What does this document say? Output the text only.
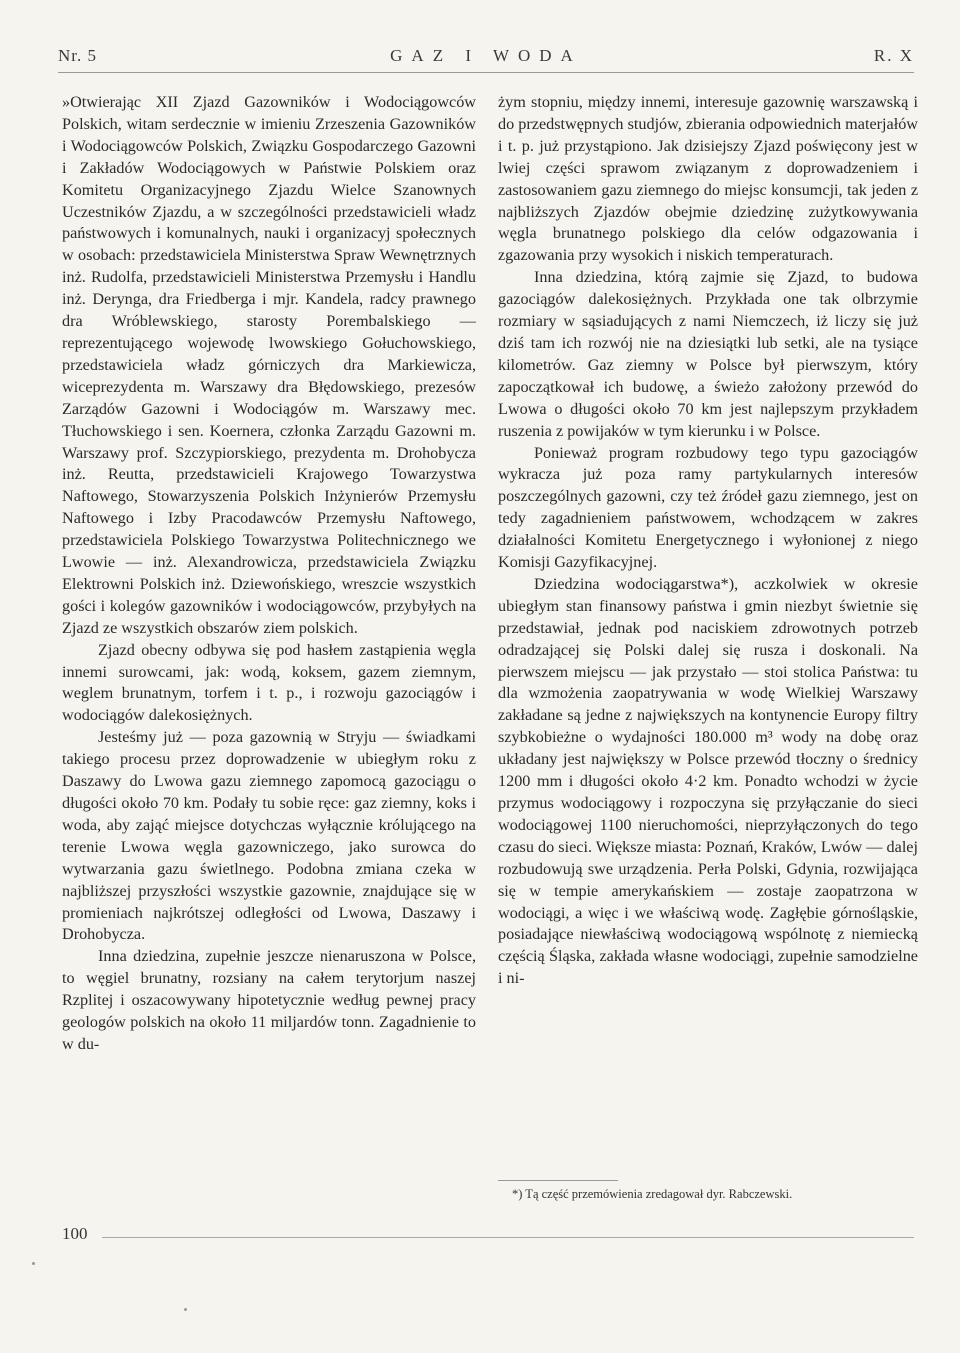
Nr. 5	GAZ I WODA	R. X

»Otwierając XII Zjazd Gazowników i Wodociągowców Polskich, witam serdecznie w imieniu Zrzeszenia Gazowników i Wodociągowców Polskich, Związku Gospodarczego Gazowni i Zakładów Wodociągowych w Państwie Polskiem oraz Komitetu Organizacyjnego Zjazdu Wielce Szanownych Uczestników Zjazdu, a w szczególności przedstawicieli władz państwowych i komunalnych, nauki i organizacyj społecznych w osobach: przedstawiciela Ministerstwa Spraw Wewnętrznych inż. Rudolfa, przedstawicieli Ministerstwa Przemysłu i Handlu inż. Derynga, dra Friedberga i mjr. Kandela, radcy prawnego dra Wróblewskiego, starosty Porembalskiego — reprezentującego wojewodę lwowskiego Gołuchowskiego, przedstawiciela władz górniczych dra Markiewicza, wiceprezydenta m. Warszawy dra Błędowskiego, prezesów Zarządów Gazowni i Wodociągów m. Warszawy mec. Tłuchowskiego i sen. Koernera, członka Zarządu Gazowni m. Warszawy prof. Szczypiorskiego, prezydenta m. Drohobycza inż. Reutta, przedstawicieli Krajowego Towarzystwa Naftowego, Stowarzyszenia Polskich Inżynierów Przemysłu Naftowego i Izby Pracodawców Przemysłu Naftowego, przedstawiciela Polskiego Towarzystwa Politechnicznego we Lwowie — inż. Alexandrowicza, przedstawiciela Związku Elektrowni Polskich inż. Dziewońskiego, wreszcie wszystkich gości i kolegów gazowników i wodociągowców, przybyłych na Zjazd ze wszystkich obszarów ziem polskich.

Zjazd obecny odbywa się pod hasłem zastąpienia węgla innemi surowcami, jak: wodą, koksem, gazem ziemnym, weglem brunatnym, torfem i t. p., i rozwoju gazociągów i wodociągów dalekosiężnych.

Jesteśmy już — poza gazownią w Stryju — świadkami takiego procesu przez doprowadzenie w ubiegłym roku z Daszawy do Lwowa gazu ziemnego zapomocą gazociągu o długości około 70 km. Podały tu sobie ręce: gaz ziemny, koks i woda, aby zająć miejsce dotychczas wyłącznie królującego na terenie Lwowa węgla gazowniczego, jako surowca do wytwarzania gazu świetlnego. Podobna zmiana czeka w najbliższej przyszłości wszystkie gazownie, znajdujące się w promieniach najkrótszej odległości od Lwowa, Daszawy i Drohobycza.

Inna dziedzina, zupełnie jeszcze nienaruszona w Polsce, to węgiel brunatny, rozsiany na całem terytorjum naszej Rzplitej i oszacowywany hipotetycznie według pewnej pracy geologów polskich na około 11 miljardów tonn. Zagadnienie to w du-

żym stopniu, między innemi, interesuje gazownię warszawską i do przedstwępnych studjów, zbierania odpowiednich materjałów i t. p. już przystąpiono. Jak dzisiejszy Zjazd poświęcony jest w lwiej części sprawom związanym z doprowadzeniem i zastosowaniem gazu ziemnego do miejsc konsumcji, tak jeden z najbliższych Zjazdów obejmie dziedzinę zużytkowywania węgla brunatnego polskiego dla celów odgazowania i zgazowania przy wysokich i niskich temperaturach.

Inna dziedzina, którą zajmie się Zjazd, to budowa gazociągów dalekosiężnych. Przykłada one tak olbrzymie rozmiary w sąsiadujących z nami Niemczech, iż liczy się już dziś tam ich rozwój nie na dziesiątki lub setki, ale na tysiące kilometrów. Gaz ziemny w Polsce był pierwszym, który zapoczątkował ich budowę, a świeżo założony przewód do Lwowa o długości około 70 km jest najlepszym przykładem ruszenia z powijaków w tym kierunku i w Polsce.

Ponieważ program rozbudowy tego typu gazociągów wykracza już poza ramy partykularnych interesów poszczególnych gazowni, czy też źródeł gazu ziemnego, jest on tedy zagadnieniem państwowem, wchodzącem w zakres działalności Komitetu Energetycznego i wyłonionej z niego Komisji Gazyfikacyjnej.

Dziedzina wodociągarstwa*), aczkolwiek w okresie ubiegłym stan finansowy państwa i gmin niezbyt świetnie się przedstawiał, jednak pod naciskiem zdrowotnych potrzeb odradzającej się Polski dalej się rusza i doskonali. Na pierwszem miejscu — jak przystało — stoi stolica Państwa: tu dla wzmożenia zaopatrywania w wodę Wielkiej Warszawy zakładane są jedne z największych na kontynencie Europy filtry szybkobieżne o wydajności 180.000 m³ wody na dobę oraz układany jest największy w Polsce przewód tłoczny o średnicy 1200 mm i długości około 4·2 km. Ponadto wchodzi w życie przymus wodociągowy i rozpoczyna się przyłączanie do sieci wodociągowej 1100 nieruchomości, nieprzyłączonych do tego czasu do sieci. Większe miasta: Poznań, Kraków, Lwów — dalej rozbudowują swe urządzenia. Perła Polski, Gdynia, rozwijająca się w tempie amerykańskiem — zostaje zaopatrzona w wodociągi, a więc i we właściwą wodę. Zagłębie górnośląskie, posiadające niewłaściwą wodociągową wspólnotę z niemiecką częścią Śląska, zakłada własne wodociągi, zupełnie samodzielne i ni-

*) Tą część przemówienia zredagował dyr. Rabczewski.
100
